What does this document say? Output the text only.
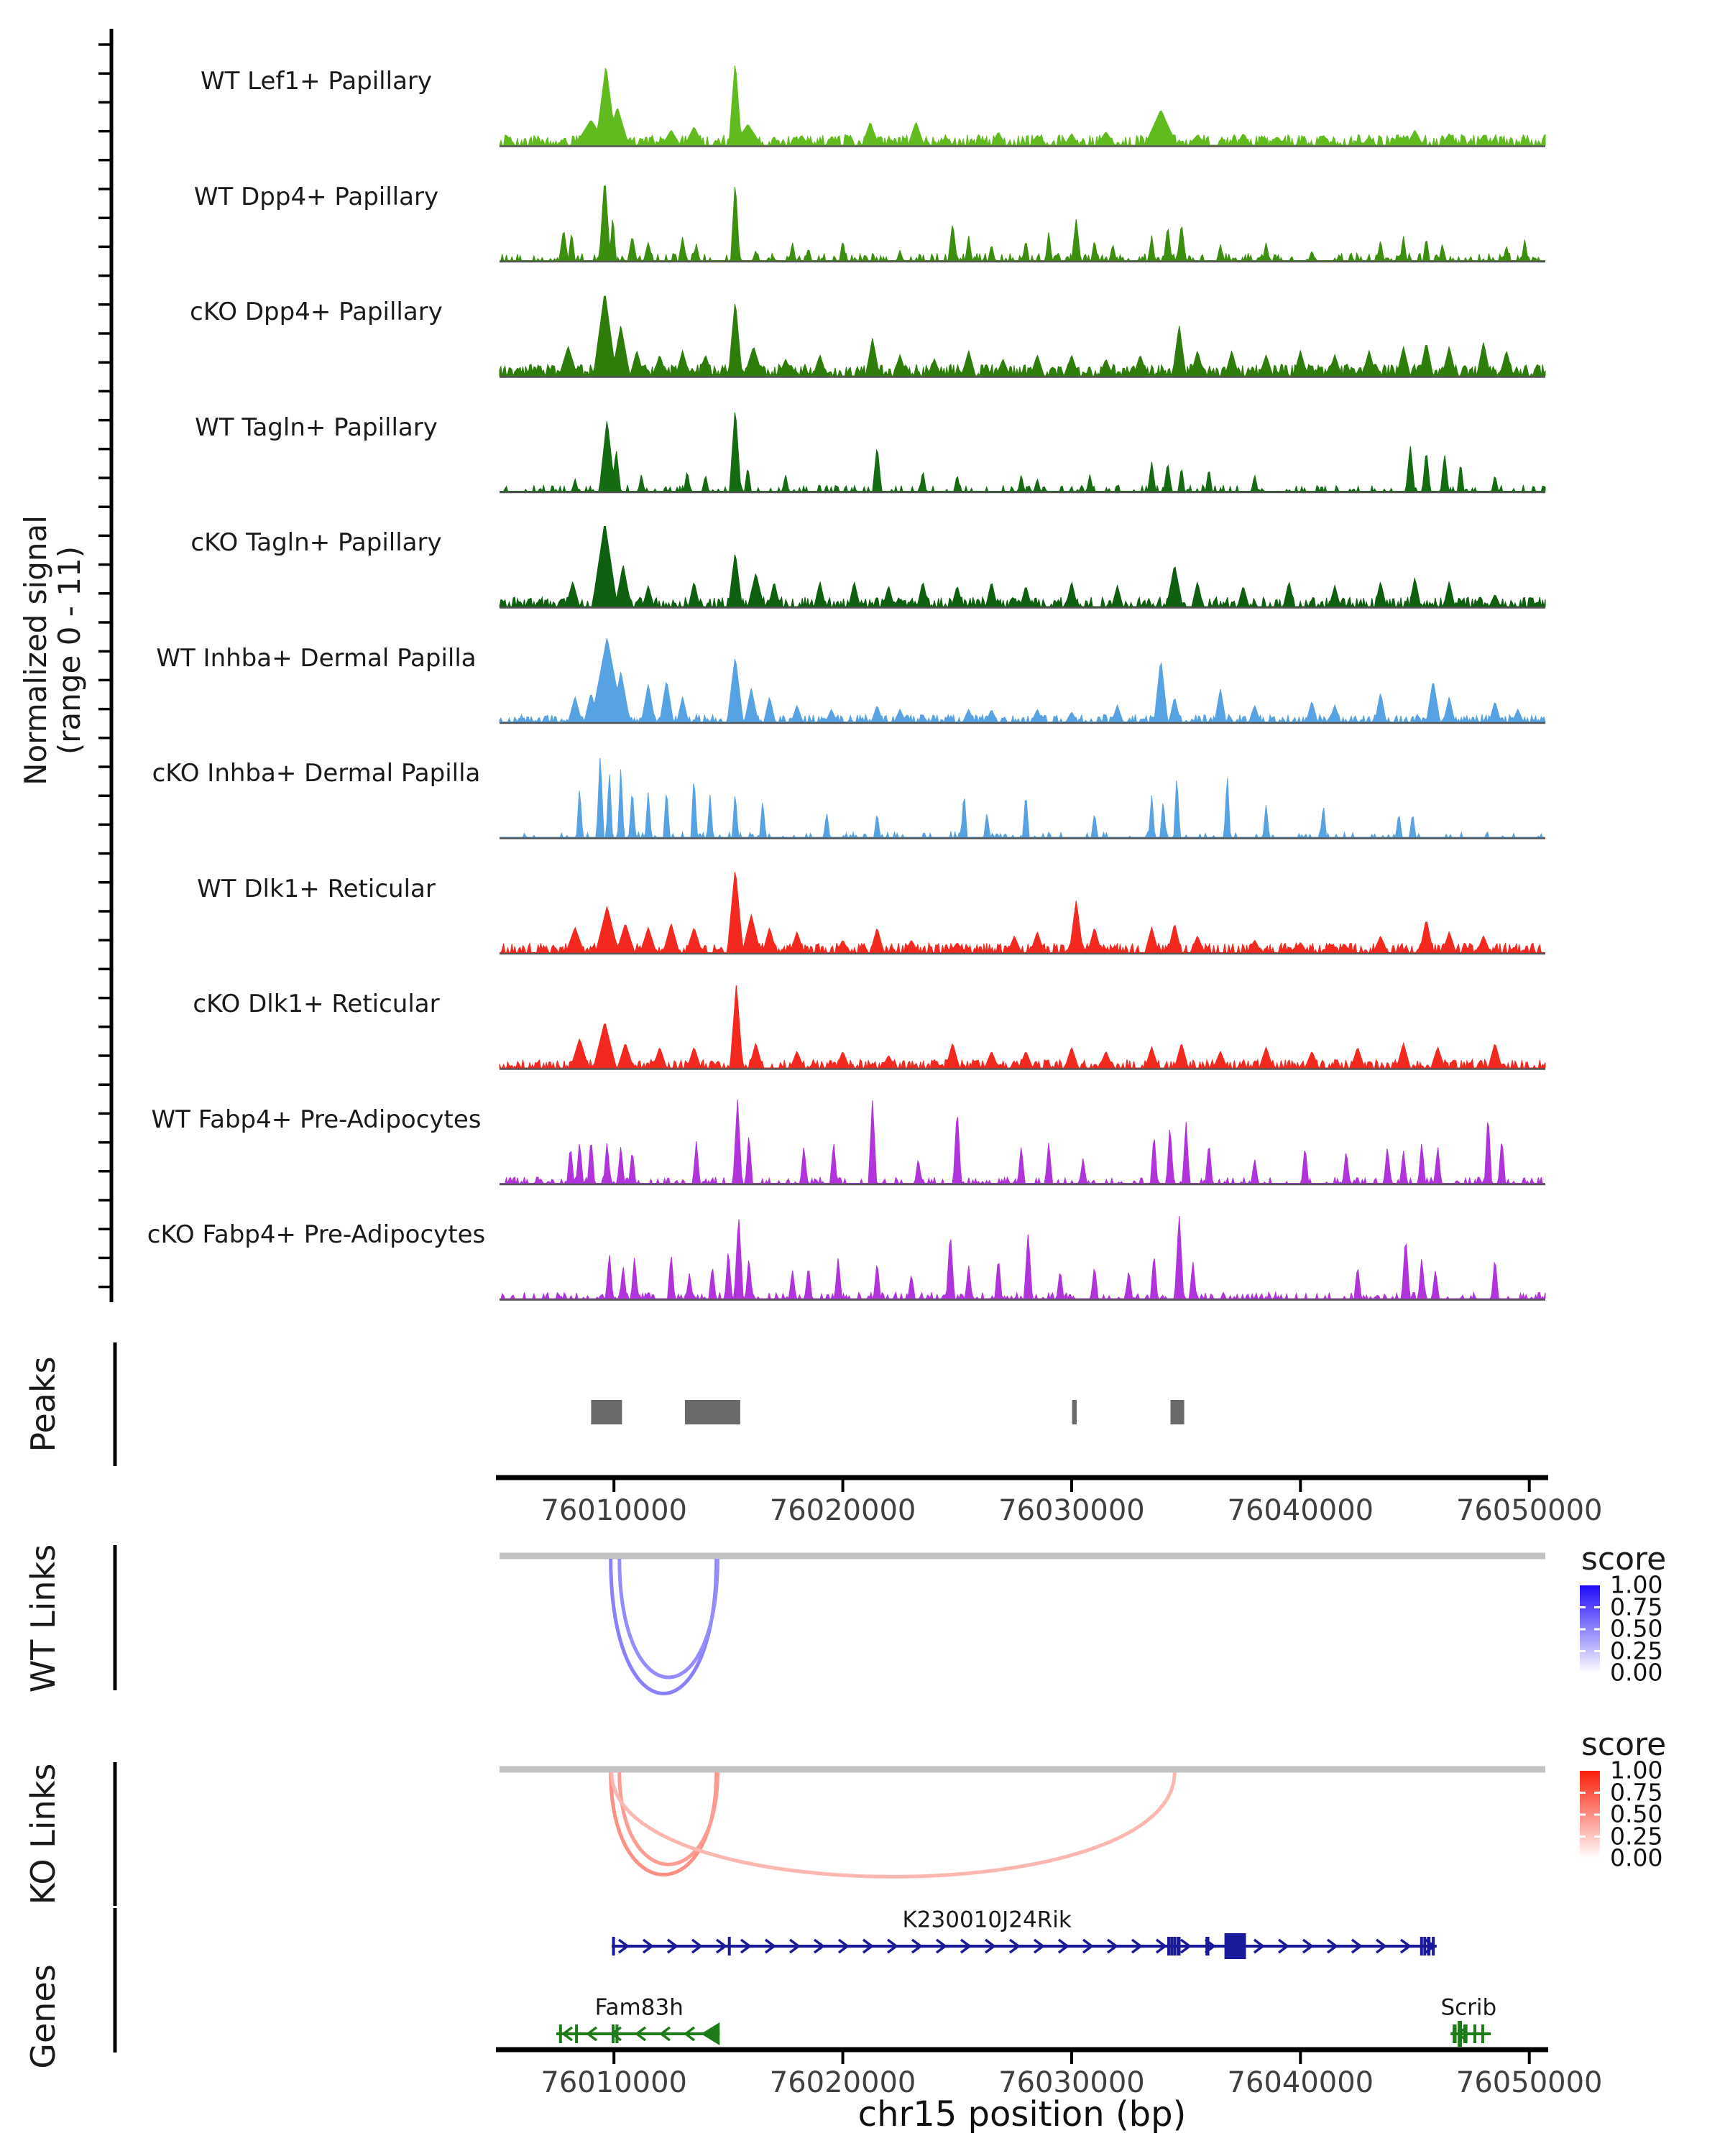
Normalized signal
(range 0 - 11)
Peaks
WT Links
KO Links
Genes
chr15 position (bp)
score
score
WT Lef1+ Papillary
WT Dpp4+ Papillary
cKO Dpp4+ Papillary
WT Tagln+ Papillary
cKO Tagln+ Papillary
WT Inhba+ Dermal Papilla
cKO Inhba+ Dermal Papilla
WT Dlk1+ Reticular
cKO Dlk1+ Reticular
WT Fabp4+ Pre-Adipocytes
cKO Fabp4+ Pre-Adipocytes
76010000	76020000	76030000	76040000	76050000
76010000	76020000	76030000	76040000	76050000
1.00
0.75
0.50
0.25
0.00
1.00
0.75
0.50
0.25
0.00
K230010J24Rik
Fam83h	Scrib
